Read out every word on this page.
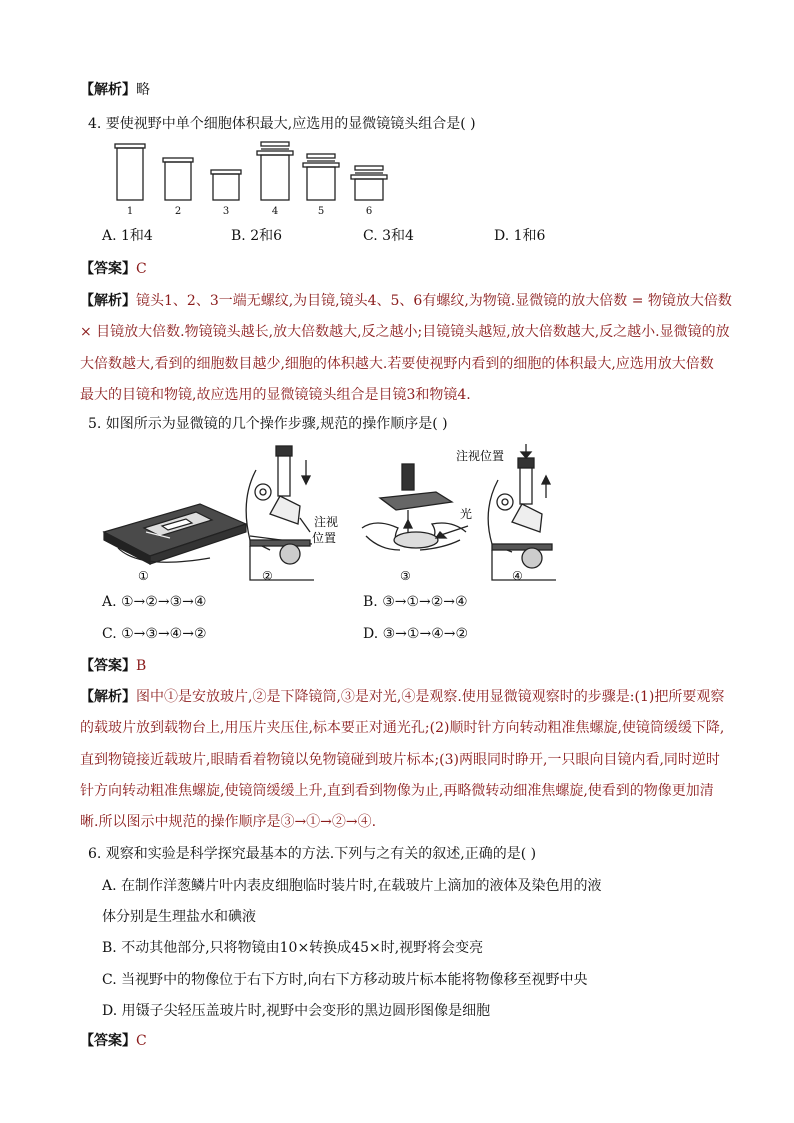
【解析】略
4. 要使视野中单个细胞体积最大,应选用的显微镜镜头组合是( )
1	2	3	4	5	6
A. 1和4	B. 2和6	C. 3和4	D. 1和6
【答案】C
【解析】镜头1、2、3一端无螺纹,为目镜,镜头4、5、6有螺纹,为物镜.显微镜的放大倍数 = 物镜放大倍数
× 目镜放大倍数.物镜镜头越长,放大倍数越大,反之越小;目镜镜头越短,放大倍数越大,反之越小.显微镜的放
大倍数越大,看到的细胞数目越少,细胞的体积越大.若要使视野内看到的细胞的体积最大,应选用放大倍数
最大的目镜和物镜,故应选用的显微镜镜头组合是目镜3和物镜4.
5. 如图所示为显微镜的几个操作步骤,规范的操作顺序是( )
注视
位置
光
注视位置
①	②	③	④
A. ①→②→③→④	B. ③→①→②→④
C. ①→③→④→②	D. ③→①→④→②
【答案】B
【解析】图中①是安放玻片,②是下降镜筒,③是对光,④是观察.使用显微镜观察时的步骤是:(1)把所要观察
的载玻片放到载物台上,用压片夹压住,标本要正对通光孔;(2)顺时针方向转动粗准焦螺旋,使镜筒缓缓下降,
直到物镜接近载玻片,眼睛看着物镜以免物镜碰到玻片标本;(3)两眼同时睁开,一只眼向目镜内看,同时逆时
针方向转动粗准焦螺旋,使镜筒缓缓上升,直到看到物像为止,再略微转动细准焦螺旋,使看到的物像更加清
晰.所以图示中规范的操作顺序是③→①→②→④.
6. 观察和实验是科学探究最基本的方法.下列与之有关的叙述,正确的是( )
A. 在制作洋葱鳞片叶内表皮细胞临时装片时,在载玻片上滴加的液体及染色用的液
体分别是生理盐水和碘液
B. 不动其他部分,只将物镜由10×转换成45×时,视野将会变亮
C. 当视野中的物像位于右下方时,向右下方移动玻片标本能将物像移至视野中央
D. 用镊子尖轻压盖玻片时,视野中会变形的黑边圆形图像是细胞
【答案】C
